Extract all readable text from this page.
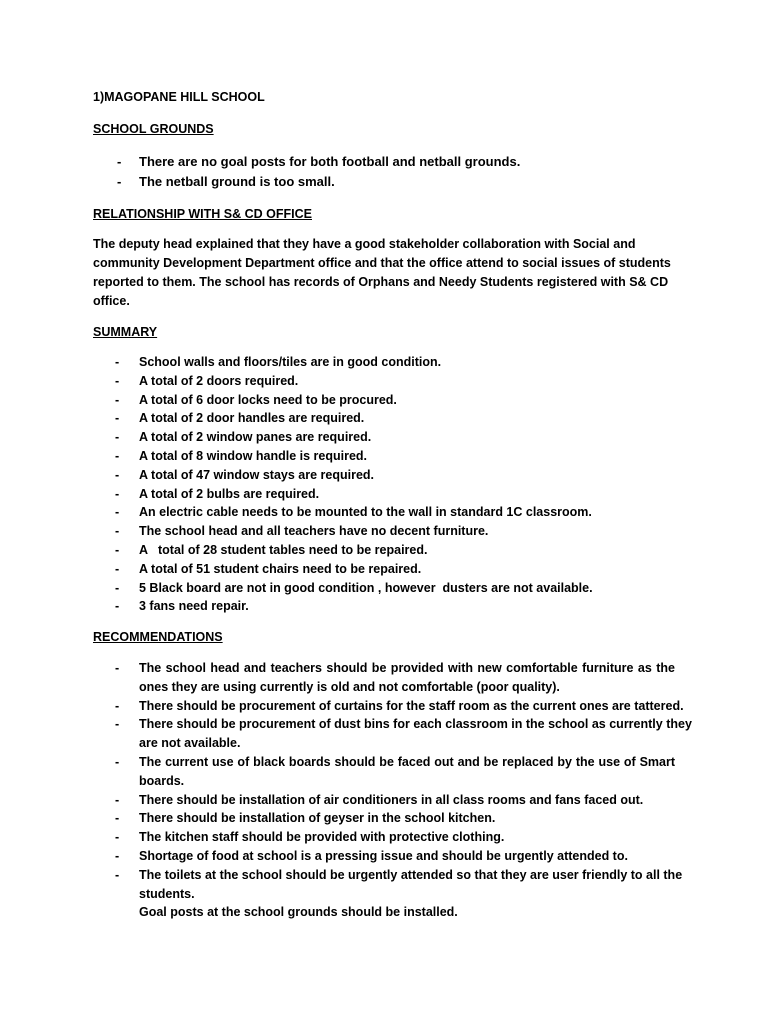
1)MAGOPANE HILL SCHOOL
SCHOOL GROUNDS
- There are no goal posts for both football and netball grounds.
- The netball ground is too small.
RELATIONSHIP WITH S& CD OFFICE

The deputy head explained that they have a good stakeholder collaboration with Social and
community Development Department office and that the office attend to social issues of students
reported to them. The school has records of Orphans and Needy Students registered with S& CD
office.

SUMMARY
- School walls and floors/tiles are in good condition.
- A total of 2 doors required.
- A total of 6 door locks need to be procured.
- A total of 2 door handles are required.
- A total of 2 window panes are required.
- A total of 8 window handle is required.
- A total of 47 window stays are required.
- A total of 2 bulbs are required.
- An electric cable needs to be mounted to the wall in standard 1C classroom.
- The school head and all teachers have no decent furniture.
- A   total of 28 student tables need to be repaired.
- A total of 51 student chairs need to be repaired.
- 5 Black board are not in good condition , however  dusters are not available.
- 3 fans need repair.
RECOMMENDATIONS
- The school head and teachers should be provided with new comfortable furniture as the
ones they are using currently is old and not comfortable (poor quality).
- There should be procurement of curtains for the staff room as the current ones are tattered.
- There should be procurement of dust bins for each classroom in the school as currently they
are not available.
- The current use of black boards should be faced out and be replaced by the use of Smart
boards.
- There should be installation of air conditioners in all class rooms and fans faced out.
- There should be installation of geyser in the school kitchen.
- The kitchen staff should be provided with protective clothing.
- Shortage of food at school is a pressing issue and should be urgently attended to.
- The toilets at the school should be urgently attended so that they are user friendly to all the
students.
Goal posts at the school grounds should be installed.
